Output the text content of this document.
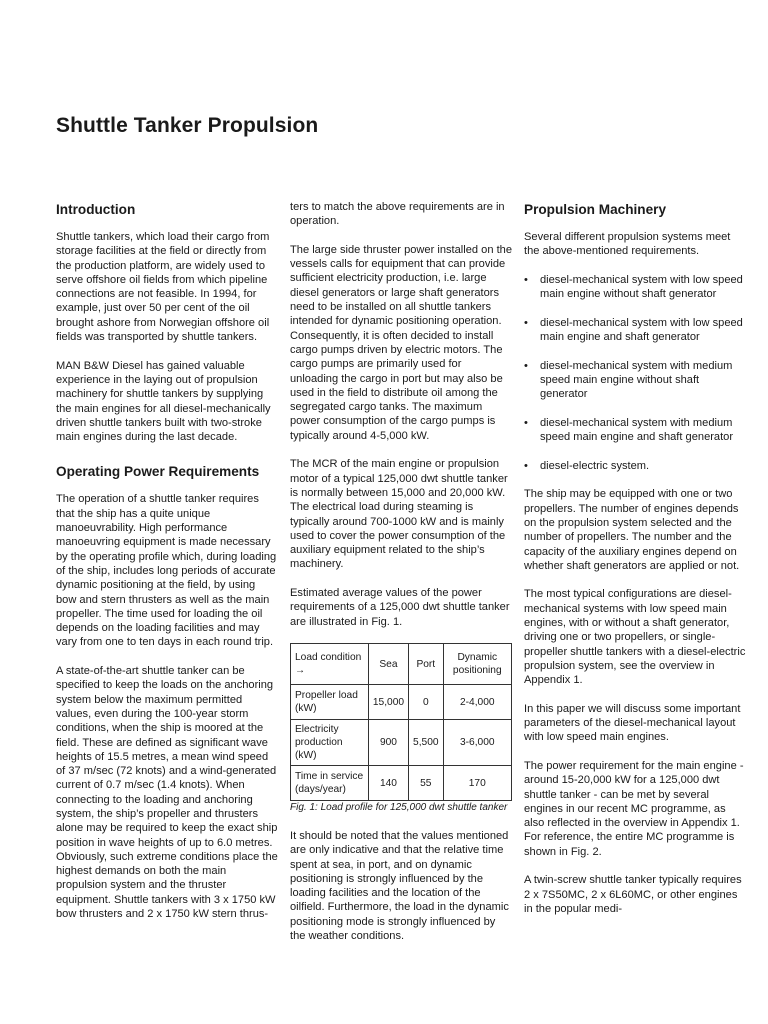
Shuttle Tanker Propulsion
Introduction

Shuttle tankers, which load their cargo from storage facilities at the field or directly from the production platform, are widely used to serve offshore oil fields from which pipeline connections are not feasible. In 1994, for example, just over 50 per cent of the oil brought ashore from Norwegian offshore oil fields was transported by shuttle tankers.

MAN B&W Diesel has gained valuable experience in the laying out of propulsion machinery for shuttle tankers by supplying the main engines for all diesel-mechanically driven shuttle tankers built with two-stroke main engines during the last decade.

Operating Power Requirements

The operation of a shuttle tanker requires that the ship has a quite unique manoeuvrability. High performance manoeuvring equipment is made necessary by the operating profile which, during loading of the ship, includes long periods of accurate dynamic positioning at the field, by using bow and stern thrusters as well as the main propeller. The time used for loading the oil depends on the loading facilities and may vary from one to ten days in each round trip.

A state-of-the-art shuttle tanker can be specified to keep the loads on the anchoring system below the maximum permitted values, even during the 100-year storm conditions, when the ship is moored at the field. These are defined as significant wave heights of 15.5 metres, a mean wind speed of 37 m/sec (72 knots) and a wind-generated current of 0.7 m/sec (1.4 knots). When connecting to the loading and anchoring system, the ship’s propeller and thrusters alone may be required to keep the exact ship position in wave heights of up to 6.0 metres. Obviously, such extreme conditions place the highest demands on both the main propulsion system and the thruster equipment. Shuttle tankers with 3 x 1750 kW bow thrusters and 2 x 1750 kW stern thrus-

ters to match the above requirements are in operation.

The large side thruster power installed on the vessels calls for equipment that can provide sufficient electricity production, i.e. large diesel generators or large shaft generators need to be installed on all shuttle tankers intended for dynamic positioning operation. Consequently, it is often decided to install cargo pumps driven by electric motors. The cargo pumps are primarily used for unloading the cargo in port but may also be used in the field to distribute oil among the segregated cargo tanks. The maximum power consumption of the cargo pumps is typically around 4-5,000 kW.

The MCR of the main engine or propulsion motor of a typical 125,000 dwt shuttle tanker is normally between 15,000 and 20,000 kW. The electrical load during steaming is typically around 700-1000 kW and is mainly used to cover the power consumption of the auxiliary equipment related to the ship’s machinery.

Estimated average values of the power requirements of a 125,000 dwt shuttle tanker are illustrated in Fig. 1.

Load condition →	Sea	Port	Dynamic positioning
Propeller load (kW)	15,000	0	2-4,000
Electricity production (kW)	900	5,500	3-6,000
Time in service (days/year)	140	55	170

Fig. 1: Load profile for 125,000 dwt shuttle tanker

It should be noted that the values mentioned are only indicative and that the relative time spent at sea, in port, and on dynamic positioning is strongly influenced by the loading facilities and the location of the oilfield. Furthermore, the load in the dynamic positioning mode is strongly influenced by the weather conditions.

Propulsion Machinery

Several different propulsion systems meet the above-mentioned requirements.

• diesel-mechanical system with low speed main engine without shaft generator
• diesel-mechanical system with low speed main engine and shaft generator
• diesel-mechanical system with medium speed main engine without shaft generator
• diesel-mechanical system with medium speed main engine and shaft generator
• diesel-electric system.

The ship may be equipped with one or two propellers. The number of engines depends on the propulsion system selected and the number of propellers. The number and the capacity of the auxiliary engines depend on whether shaft generators are applied or not.

The most typical configurations are diesel-mechanical systems with low speed main engines, with or without a shaft generator, driving one or two propellers, or single-propeller shuttle tankers with a diesel-electric propulsion system, see the overview in Appendix 1.

In this paper we will discuss some important parameters of the diesel-mechanical layout with low speed main engines.

The power requirement for the main engine - around 15-20,000 kW for a 125,000 dwt shuttle tanker - can be met by several engines in our recent MC programme, as also reflected in the overview in Appendix 1. For reference, the entire MC programme is shown in Fig. 2.

A twin-screw shuttle tanker typically requires 2 x 7S50MC, 2 x 6L60MC, or other engines in the popular medi-
